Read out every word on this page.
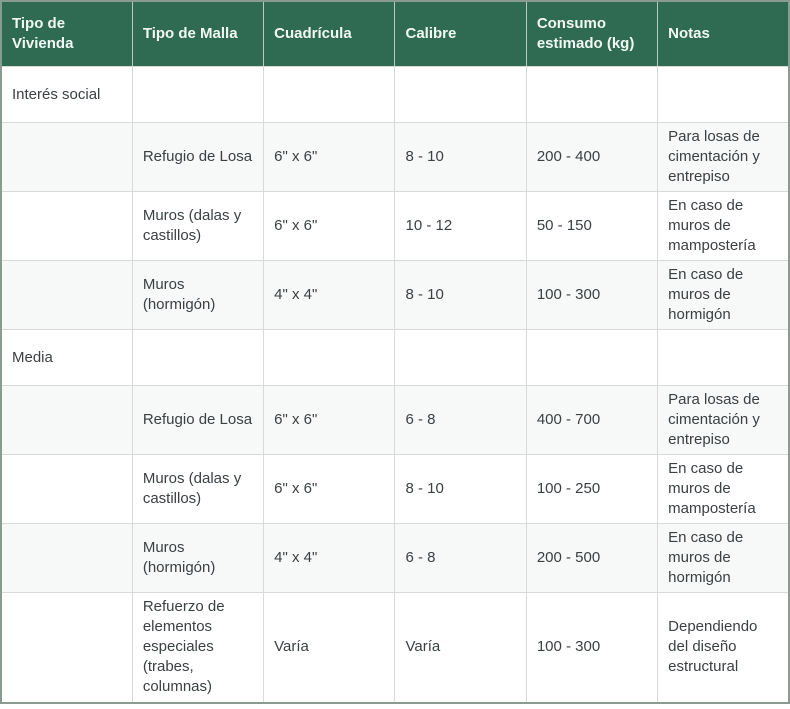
Tipo de Vivienda	Tipo de Malla	Cuadrícula	Calibre	Consumo estimado (kg)	Notas
Interés social					
	Refugio de Losa	6" x 6"	8 - 10	200 - 400	Para losas de cimentación y entrepiso
	Muros (dalas y castillos)	6" x 6"	10 - 12	50 - 150	En caso de muros de mampostería
	Muros (hormigón)	4" x 4"	8 - 10	100 - 300	En caso de muros de hormigón
Media					
	Refugio de Losa	6" x 6"	6 - 8	400 - 700	Para losas de cimentación y entrepiso
	Muros (dalas y castillos)	6" x 6"	8 - 10	100 - 250	En caso de muros de mampostería
	Muros (hormigón)	4" x 4"	6 - 8	200 - 500	En caso de muros de hormigón
	Refuerzo de elementos especiales (trabes, columnas)	Varía	Varía	100 - 300	Dependiendo del diseño estructural
